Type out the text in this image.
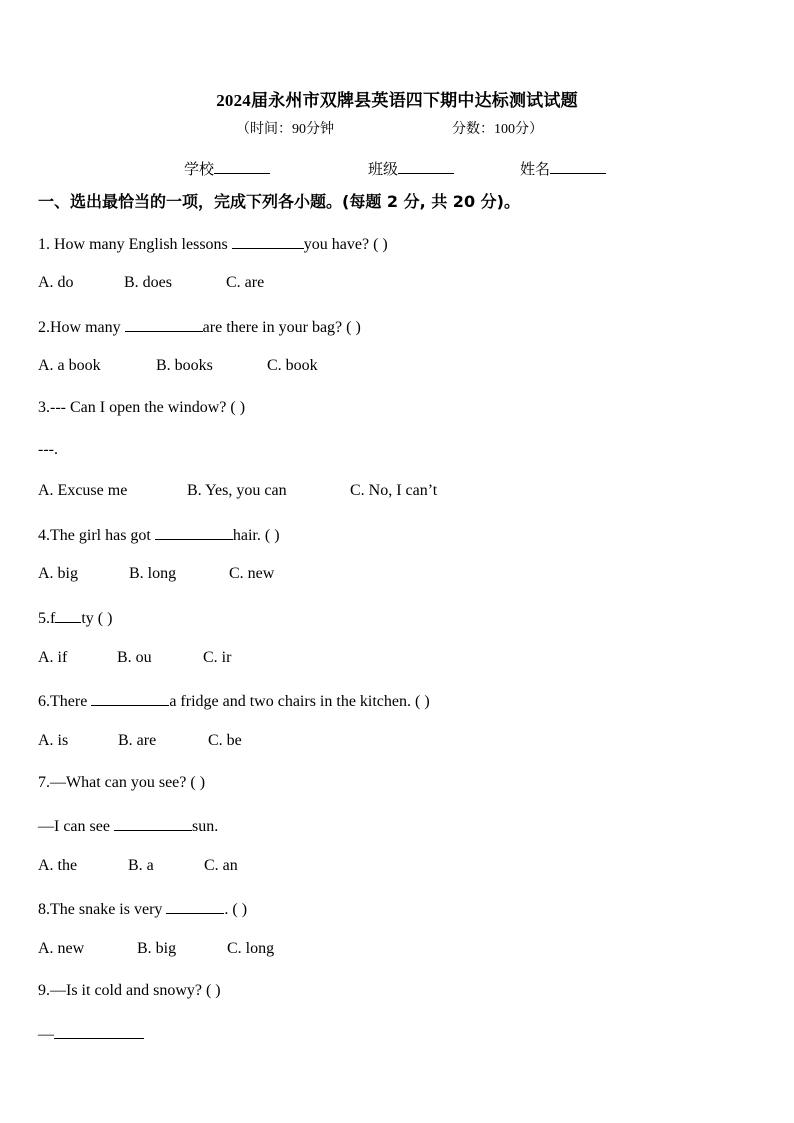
2024届永州市双牌县英语四下期中达标测试试题
（时间：90分钟	分数：100分）
学校	班级	姓名
一、选出最恰当的一项，完成下列各小题。(每题 2 分, 共 20 分)。
1. How many English lessons	you have? ( )
A. do	B. does	C. are
2.How many	are there in your bag? ( )
A. a book	B. books	C. book
3.--- Can I open the window? ( )
---.
A. Excuse me	B. Yes, you can	C. No, I can’t
4.The girl has got	hair. ( )
A. big	B. long	C. new
5.f ty ( )
A. if	B. ou	C. ir
6.There	a fridge and two chairs in the kitchen. ( )
A. is	B. are	C. be
7.—What can you see? ( )
—I can see	sun.
A. the	B. a	C. an
8.The snake is very	. ( )
A. new	B. big	C. long
9.—Is it cold and snowy? ( )
—
